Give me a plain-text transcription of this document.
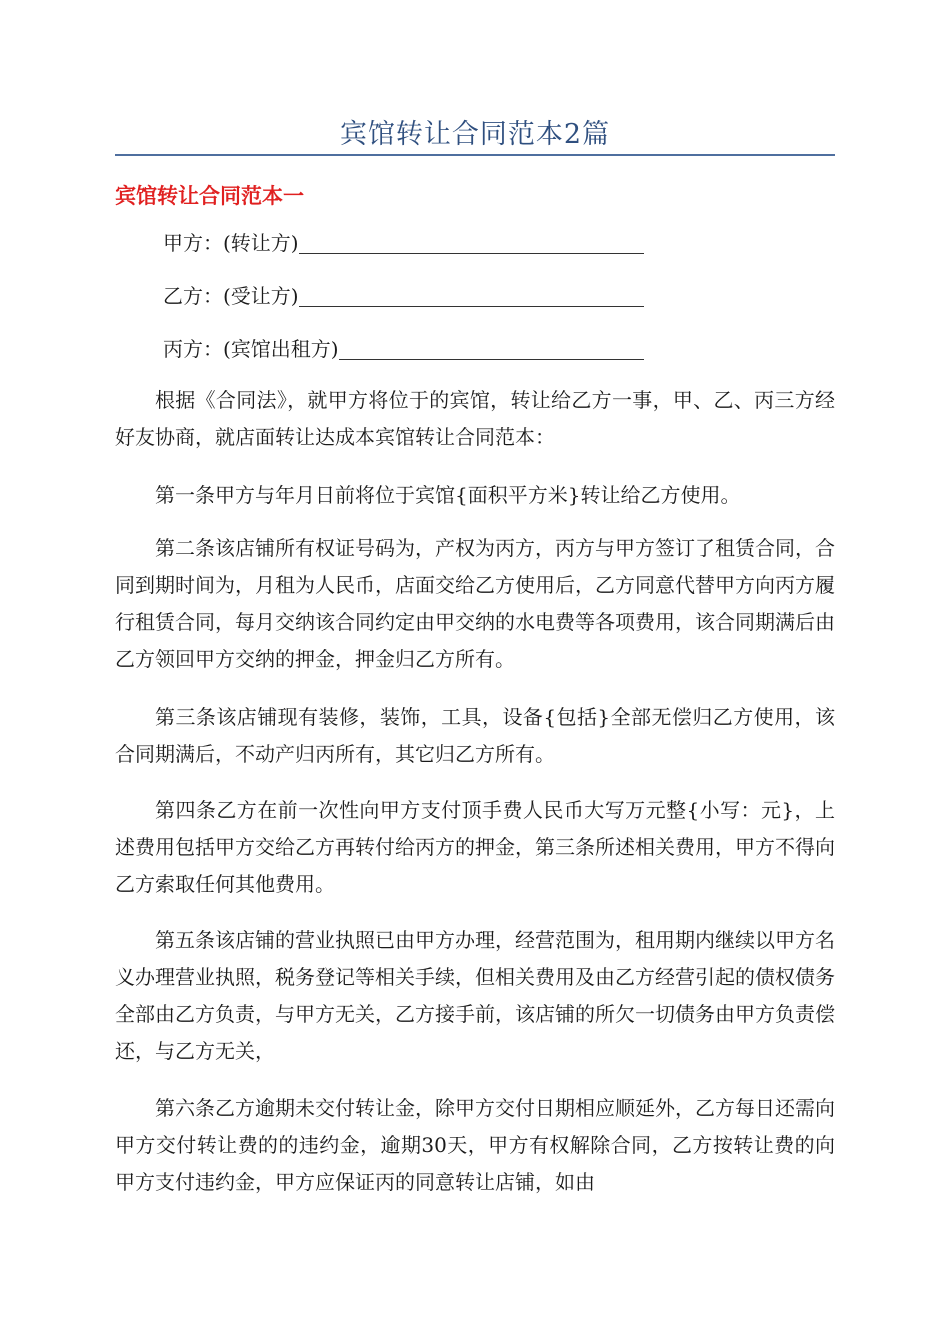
宾馆转让合同范本2篇
宾馆转让合同范本一
甲方：(转让方)
乙方：(受让方)
丙方：(宾馆出租方)

根据《合同法》，就甲方将位于的宾馆，转让给乙方一事，甲、乙、丙三方经好友协商，就店面转让达成本宾馆转让合同范本：

第一条甲方与年月日前将位于宾馆{面积平方米}转让给乙方使用。

第二条该店铺所有权证号码为，产权为丙方，丙方与甲方签订了租赁合同，合同到期时间为，月租为人民币，店面交给乙方使用后，乙方同意代替甲方向丙方履行租赁合同，每月交纳该合同约定由甲交纳的水电费等各项费用，该合同期满后由乙方领回甲方交纳的押金，押金归乙方所有。

第三条该店铺现有装修，装饰，工具，设备{包括}全部无偿归乙方使用，该合同期满后，不动产归丙所有，其它归乙方所有。

第四条乙方在前一次性向甲方支付顶手费人民币大写万元整{小写：元}，上述费用包括甲方交给乙方再转付给丙方的押金，第三条所述相关费用，甲方不得向乙方索取任何其他费用。

第五条该店铺的营业执照已由甲方办理，经营范围为，租用期内继续以甲方名义办理营业执照，税务登记等相关手续，但相关费用及由乙方经营引起的债权债务全部由乙方负责，与甲方无关，乙方接手前，该店铺的所欠一切债务由甲方负责偿还，与乙方无关，

第六条乙方逾期未交付转让金，除甲方交付日期相应顺延外，乙方每日还需向甲方交付转让费的的违约金，逾期30天，甲方有权解除合同，乙方按转让费的向甲方支付违约金，甲方应保证丙的同意转让店铺，如由
